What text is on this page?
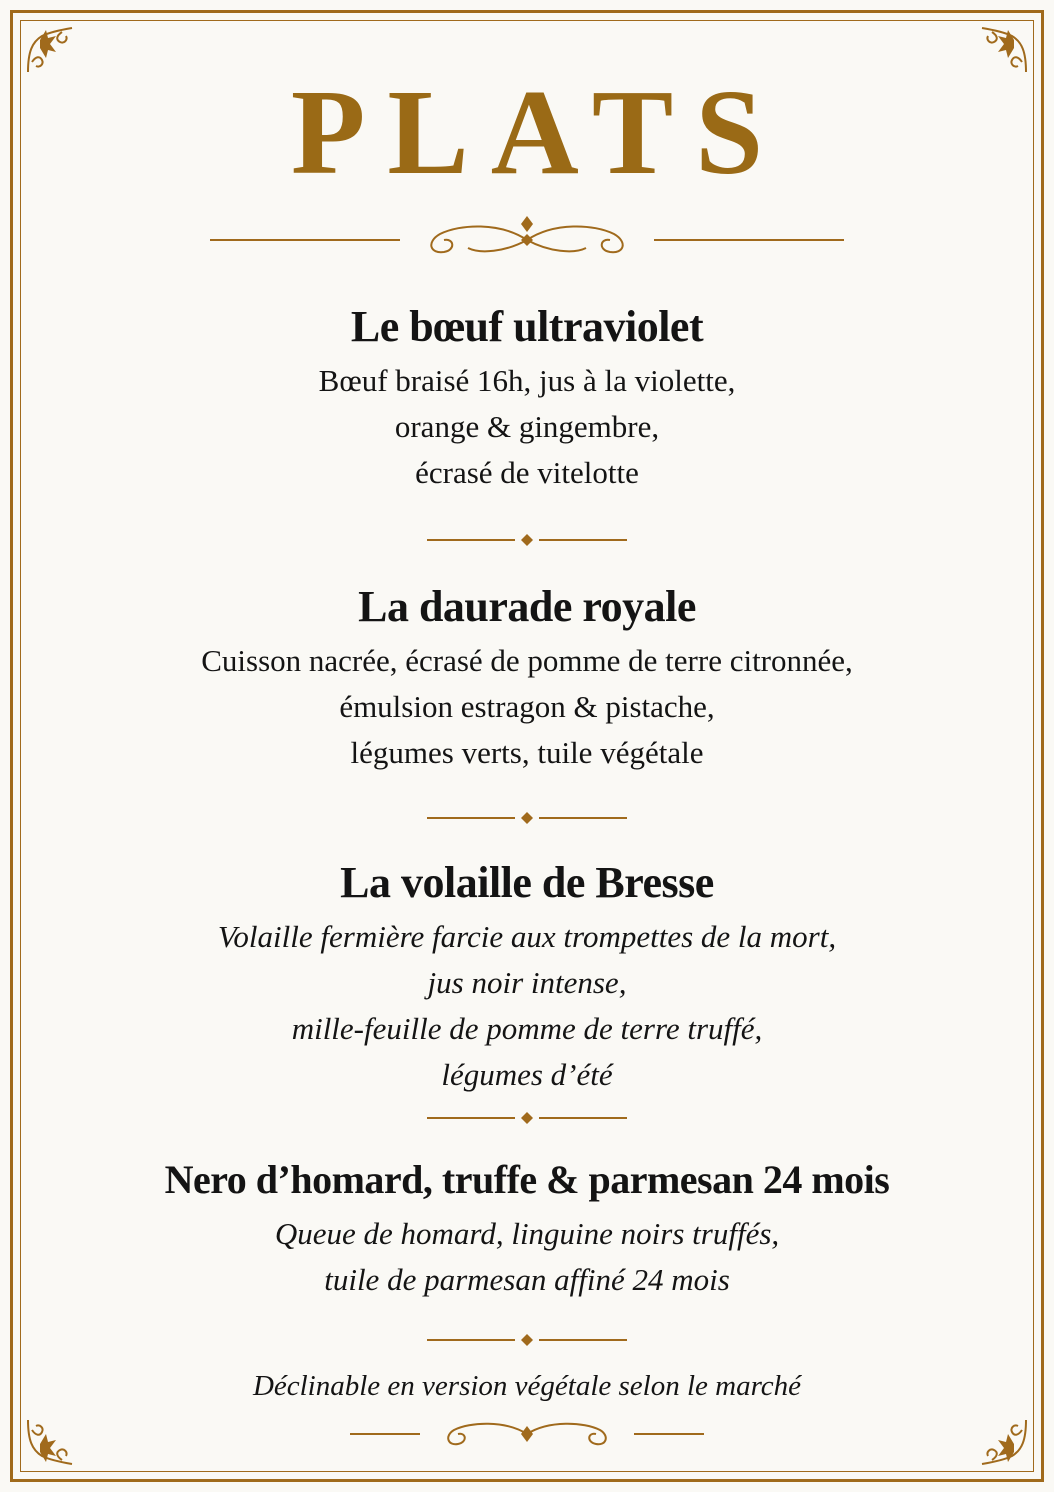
PLATS
Le bœuf ultraviolet
Bœuf braisé 16h, jus à la violette,
orange & gingembre,
écrasé de vitelotte
La daurade royale
Cuisson nacrée, écrasé de pomme de terre citronnée,
émulsion estragon & pistache,
légumes verts, tuile végétale
La volaille de Bresse
Volaille fermière farcie aux trompettes de la mort,
jus noir intense,
mille-feuille de pomme de terre truffé,
légumes d’été
Nero d’homard, truffe & parmesan 24 mois
Queue de homard, linguine noirs truffés,
tuile de parmesan affiné 24 mois
Déclinable en version végétale selon le marché
